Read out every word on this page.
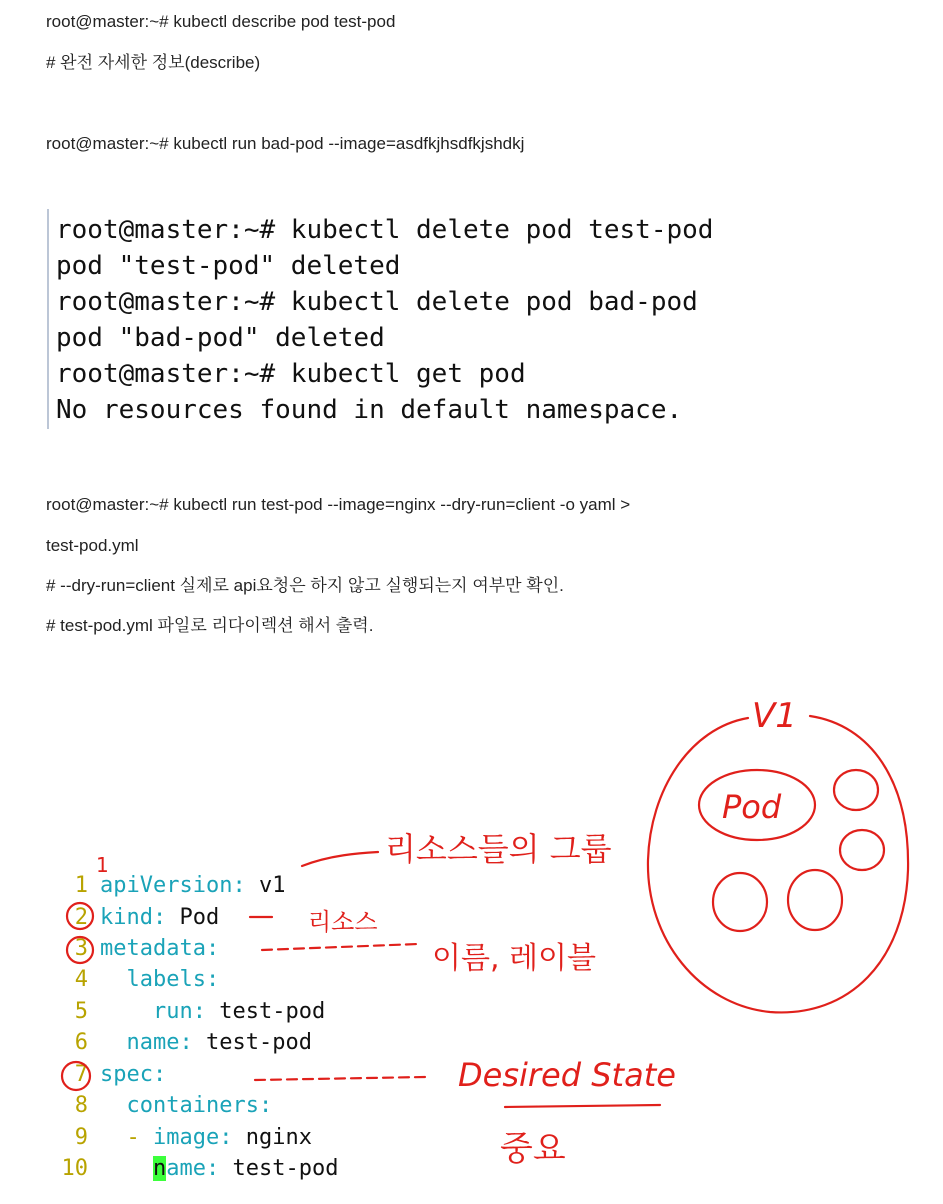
root@master:~# kubectl describe pod test-pod
# 완전 자세한 정보(describe)
root@master:~# kubectl run bad-pod --image=asdfkjhsdfkjshdkj
root@master:~# kubectl delete pod test-pod
pod "test-pod" deleted
root@master:~# kubectl delete pod bad-pod
pod "bad-pod" deleted
root@master:~# kubectl get pod
No resources found in default namespace.
root@master:~# kubectl run test-pod --image=nginx --dry-run=client -o yaml >
test-pod.yml
# --dry-run=client 실제로 api요청은 하지 않고 실행되는지 여부만 확인.
# test-pod.yml 파일로 리다이렉션 해서 출력.
1 apiVersion: v1
2 kind: Pod
3 metadata:
4 labels:
5	run: test-pod
6 name: test-pod
7 spec:
8 containers:
9 - image: nginx
10	name: test-pod
V1
Pod
리소스들의 그룹
리소스
이름, 레이블
Desired State
중요
1
